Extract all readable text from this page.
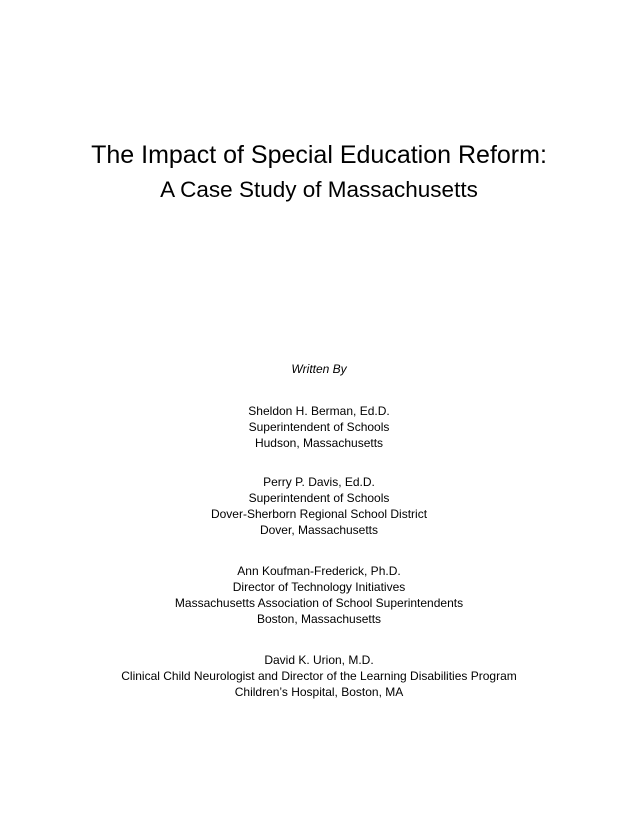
The Impact of Special Education Reform:
A Case Study of Massachusetts
Written By
Sheldon H. Berman, Ed.D.
Superintendent of Schools
Hudson, Massachusetts
Perry P. Davis, Ed.D.
Superintendent of Schools
Dover-Sherborn Regional School District
Dover, Massachusetts
Ann Koufman-Frederick, Ph.D.
Director of Technology Initiatives
Massachusetts Association of School Superintendents
Boston, Massachusetts
David K. Urion, M.D.
Clinical Child Neurologist and Director of the Learning Disabilities Program
Children’s Hospital, Boston, MA
